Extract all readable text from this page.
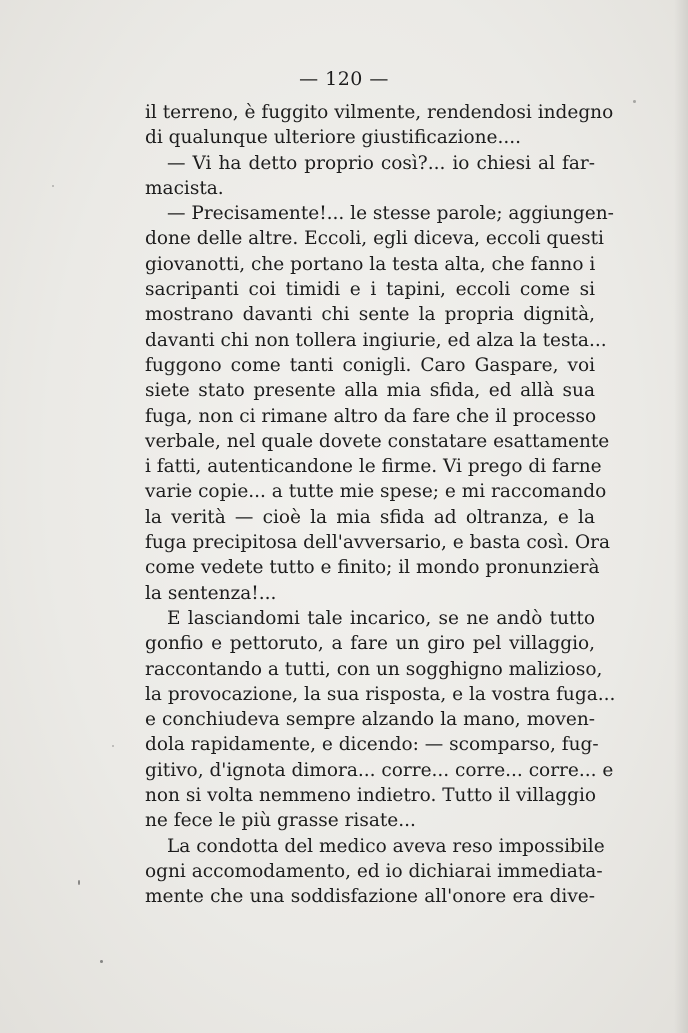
— 120 —
il terreno, è fuggito vilmente, rendendosi indegno
di qualunque ulteriore giustificazione....
— Vi ha detto proprio così?... io chiesi al far-
macista.
— Precisamente!... le stesse parole; aggiungen-
done delle altre. Eccoli, egli diceva, eccoli questi
giovanotti, che portano la testa alta, che fanno i
sacripanti coi timidi e i tapini, eccoli come si
mostrano davanti chi sente la propria dignità,
davanti chi non tollera ingiurie, ed alza la testa...
fuggono come tanti conigli. Caro Gaspare, voi
siete stato presente alla mia sfida, ed allà sua
fuga, non ci rimane altro da fare che il processo
verbale, nel quale dovete constatare esattamente
i fatti, autenticandone le firme. Vi prego di farne
varie copie... a tutte mie spese; e mi raccomando
la verità — cioè la mia sfida ad oltranza, e la
fuga precipitosa dell'avversario, e basta così. Ora
come vedete tutto e finito; il mondo pronunzierà
la sentenza!...
E lasciandomi tale incarico, se ne andò tutto
gonfio e pettoruto, a fare un giro pel villaggio,
raccontando a tutti, con un sogghigno malizioso,
la provocazione, la sua risposta, e la vostra fuga...
e conchiudeva sempre alzando la mano, moven-
dola rapidamente, e dicendo: — scomparso, fug-
gitivo, d'ignota dimora... corre... corre... corre... e
non si volta nemmeno indietro. Tutto il villaggio
ne fece le più grasse risate...
La condotta del medico aveva reso impossibile
ogni accomodamento, ed io dichiarai immediata-
mente che una soddisfazione all'onore era dive-
